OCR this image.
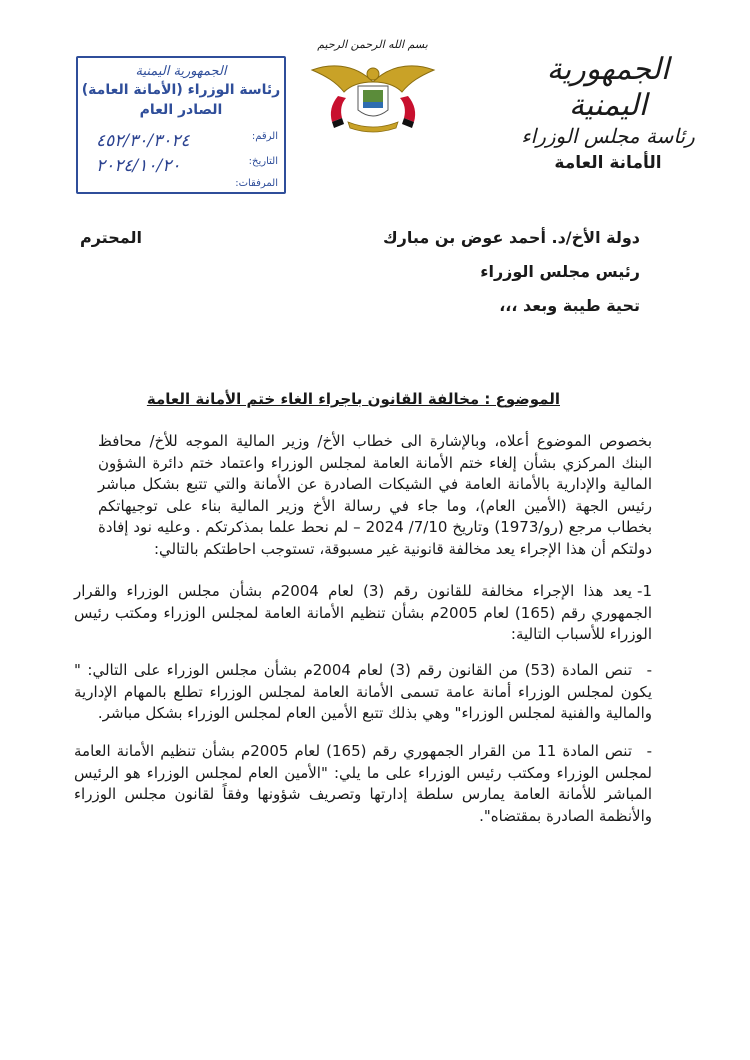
الجمهورية اليمنية
رئاسة مجلس الوزراء
الأمانة العامة
بسم الله الرحمن الرحيم
الجمهورية اليمنية
رئاسة الوزراء (الأمانة العامة)
الصادر العام
الرقم:
٤٥٢/٣٠/٣٠٢٤
التاريخ:
٢٠٢٤/١٠/٢٠
المرفقات:
دولة الأخ/د. أحمد عوض بن مبارك
المحترم
رئيس مجلس الوزراء
تحية طيبة وبعد ،،،
الموضوع : مخالفة القانون باجراء الغاء ختم الأمانة العامة
بخصوص الموضوع أعلاه، وبالإشارة الى خطاب الأخ/ وزير المالية الموجه للأخ/ محافظ البنك المركزي بشأن إلغاء ختم الأمانة العامة لمجلس الوزراء واعتماد ختم دائرة الشؤون المالية والإدارية بالأمانة العامة في الشيكات الصادرة عن الأمانة والتي تتبع بشكل مباشر رئيس الجهة (الأمين العام)، وما جاء في رسالة الأخ وزير المالية بناء على توجيهاتكم بخطاب مرجع (رو/1973) وتاريخ 7/10/ 2024 – لم نحط علما بمذكرتكم . وعليه نود إفادة دولتكم أن هذا الإجراء يعد مخالفة قانونية غير مسبوقة، تستوجب احاطتكم بالتالي:
1-يعد هذا الإجراء مخالفة للقانون رقم (3) لعام 2004م بشأن مجلس الوزراء والقرار الجمهوري رقم (165) لعام 2005م بشأن تنظيم الأمانة العامة لمجلس الوزراء ومكتب رئيس الوزراء للأسباب التالية:
-تنص المادة (53) من القانون رقم (3) لعام 2004م بشأن مجلس الوزراء على التالي: " يكون لمجلس الوزراء أمانة عامة تسمى الأمانة العامة لمجلس الوزراء تطلع بالمهام الإدارية والمالية والفنية لمجلس الوزراء" وهي بذلك تتبع الأمين العام لمجلس الوزراء بشكل مباشر.
-تنص المادة 11 من القرار الجمهوري رقم (165) لعام 2005م بشأن تنظيم الأمانة العامة لمجلس الوزراء ومكتب رئيس الوزراء على ما يلي: "الأمين العام لمجلس الوزراء هو الرئيس المباشر للأمانة العامة يمارس سلطة إدارتها وتصريف شؤونها وفقاً لقانون مجلس الوزراء والأنظمة الصادرة بمقتضاه".
